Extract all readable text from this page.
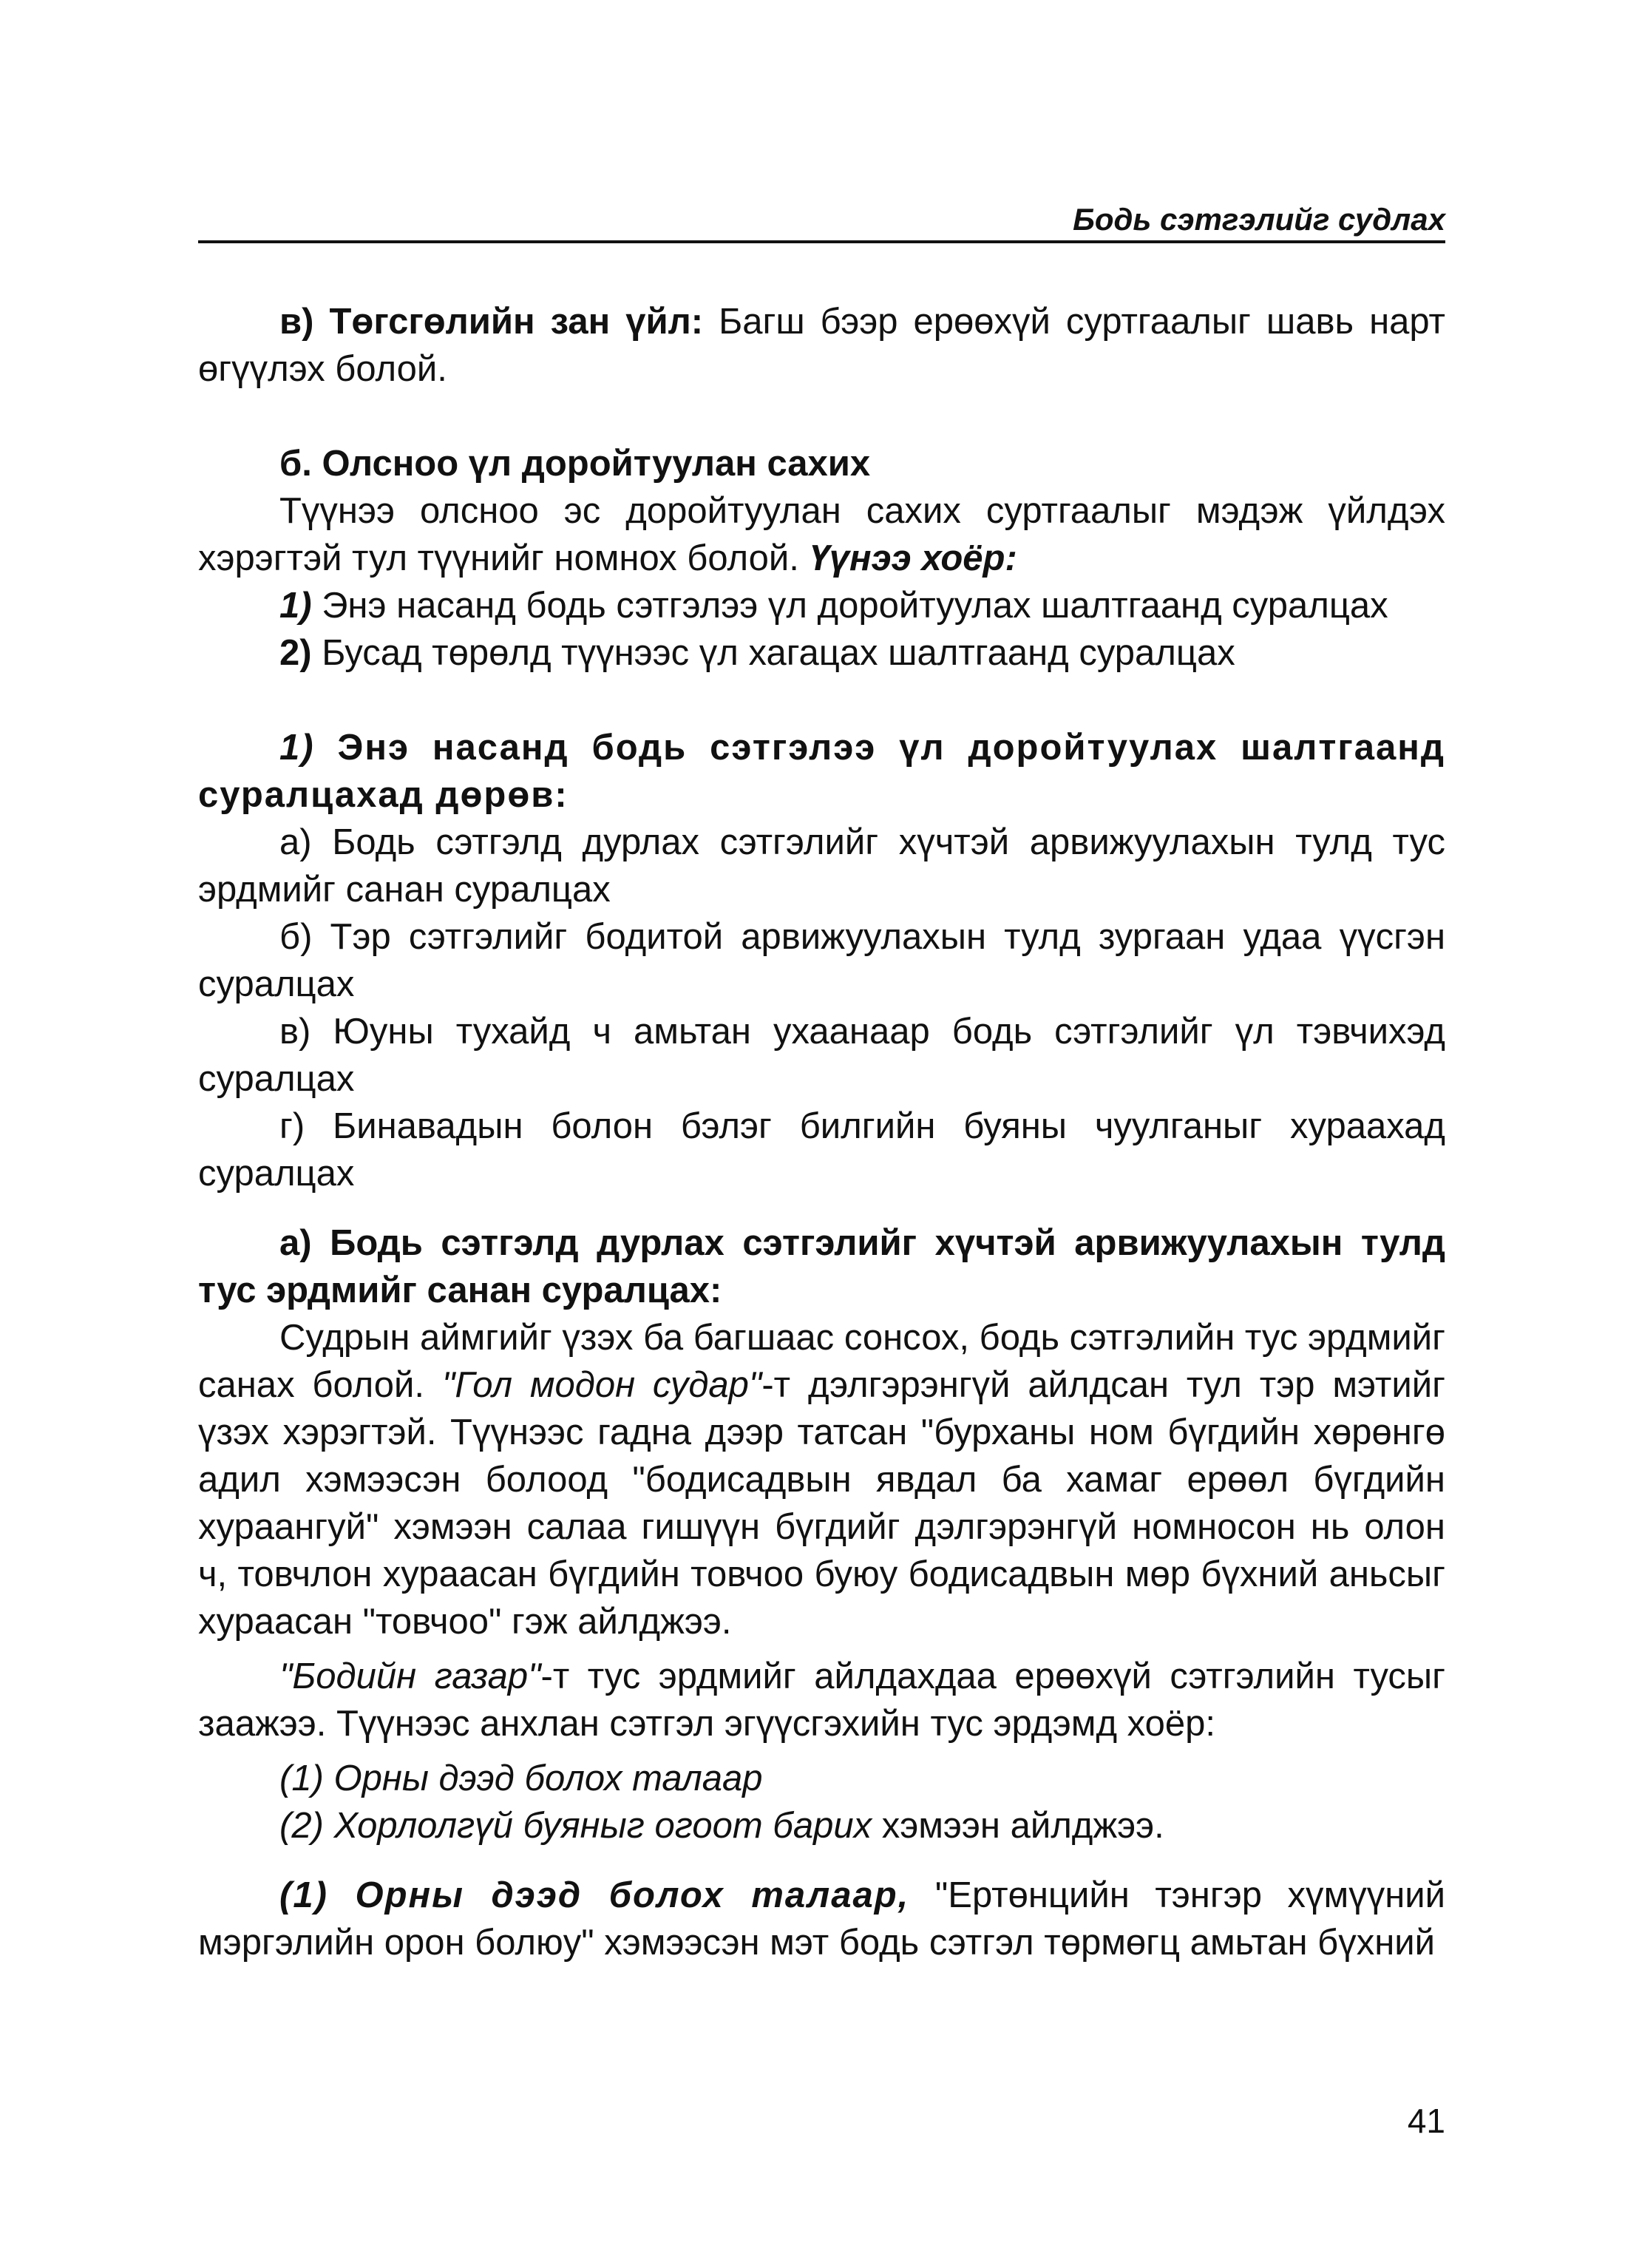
Бодь сэтгэлийг судлах

в) Төгсгөлийн зан үйл: Багш бээр ерөөхүй суртгаалыг шавь нарт өгүүлэх болой.

б. Олсноо үл доройтуулан сахих

Түүнээ олсноо эс доройтуулан сахих суртгаалыг мэдэж үйлдэх хэрэгтэй тул түүнийг номнох болой. Үүнээ хоёр:

1) Энэ насанд бодь сэтгэлээ үл доройтуулах шалтгаанд суралцах
2) Бусад төрөлд түүнээс үл хагацах шалтгаанд суралцах

1) Энэ насанд бодь сэтгэлээ үл доройтуулах шалтгаанд суралцахад дөрөв:

а) Бодь сэтгэлд дурлах сэтгэлийг хүчтэй арвижуулахын тулд тус эрдмийг санан суралцах

б) Тэр сэтгэлийг бодитой арвижуулахын тулд зургаан удаа үүсгэн суралцах

в) Юуны тухайд ч амьтан ухаанаар бодь сэтгэлийг үл тэвчихэд суралцах

г) Бинавадын болон бэлэг билгийн буяны чуулганыг хураахад суралцах

а) Бодь сэтгэлд дурлах сэтгэлийг хүчтэй арвижуулахын тулд тус эрдмийг санан суралцах:

Судрын аймгийг үзэх ба багшаас сонсох, бодь сэтгэлийн тус эрдмийг санах болой. "Гол модон судар"-т дэлгэрэнгүй айлдсан тул тэр мэтийг үзэх хэрэгтэй. Түүнээс гадна дээр татсан "бурханы ном бүгдийн хөрөнгө адил хэмээсэн болоод "бодисадвын явдал ба хамаг ерөөл бүгдийн хураангуй" хэмээн салаа гишүүн бүгдийг дэлгэрэнгүй номносон нь олон ч, товчлон хураасан бүгдийн товчоо буюу бодисадвын мөр бүхний аньсыг хураасан "товчоо" гэж айлджээ.

"Бодийн газар"-т тус эрдмийг айлдахдаа ерөөхүй сэтгэлийн тусыг заажээ. Түүнээс анхлан сэтгэл эгүүсгэхийн тус эрдэмд хоёр:

(1) Орны дээд болох талаар
(2) Хорлолгүй буяныг огоот барих хэмээн айлджээ.

(1) Орны дээд болох талаар, "Ертөнцийн тэнгэр хүмүүний мэргэлийн орон болюу" хэмээсэн мэт бодь сэтгэл төрмөгц амьтан бүхний

41
